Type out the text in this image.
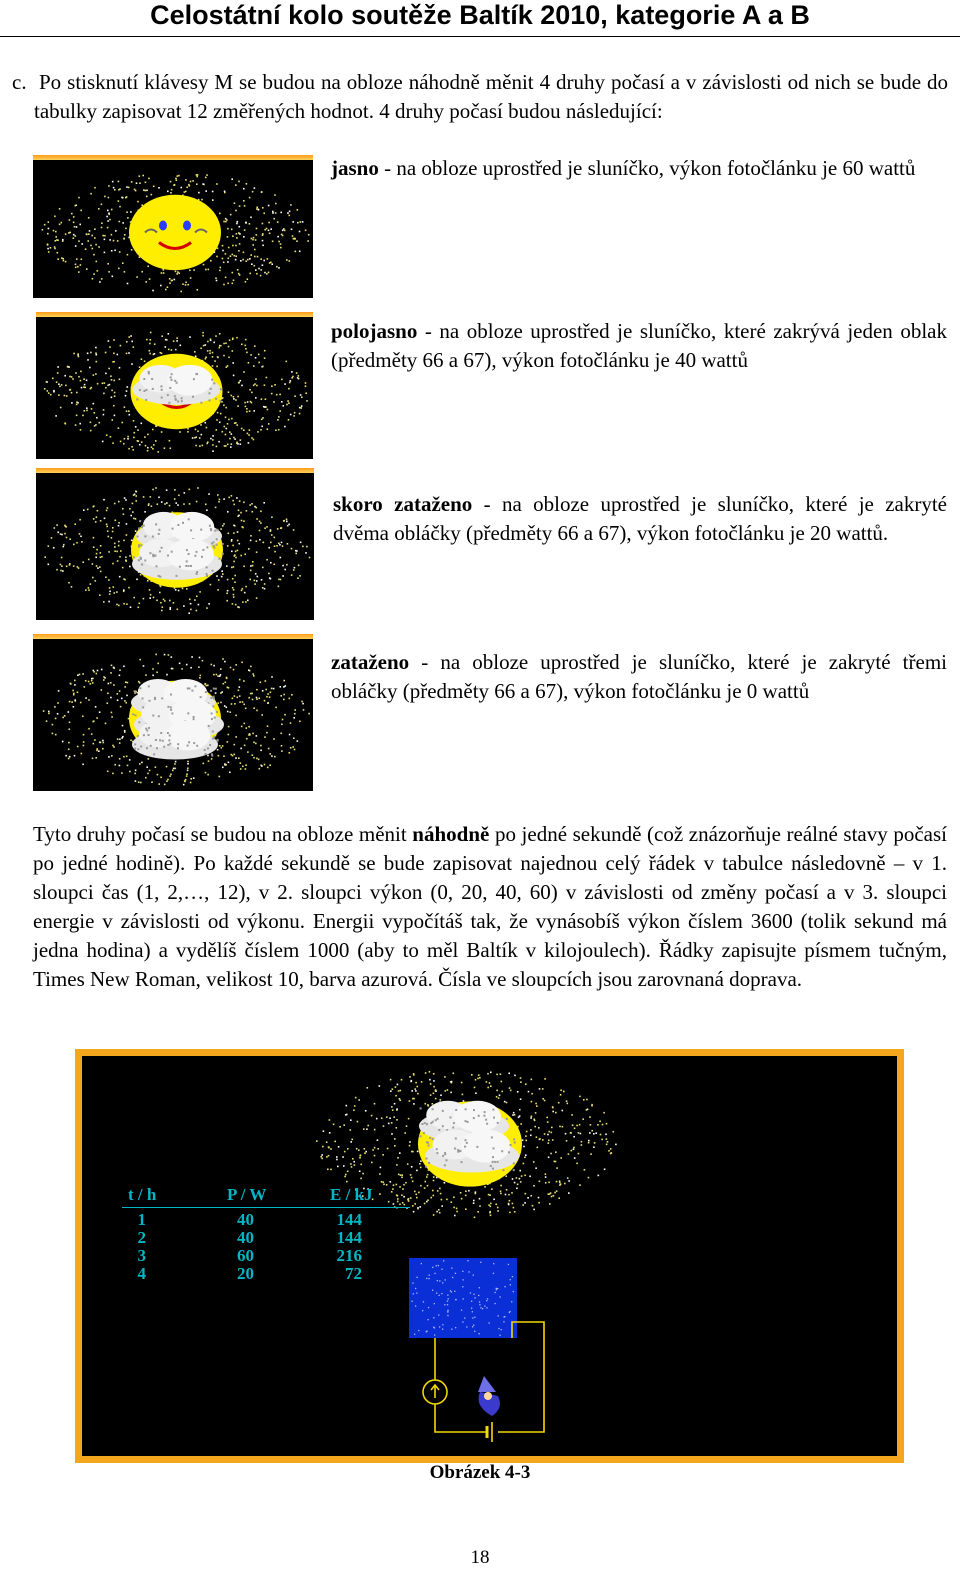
Celostátní kolo soutěže Baltík 2010, kategorie A a B
c. Po stisknutí klávesy M se budou na obloze náhodně měnit 4 druhy počasí a v závislosti od nich se bude do tabulky zapisovat 12 změřených hodnot. 4 druhy počasí budou následující:
jasno - na obloze uprostřed je sluníčko, výkon fotočlánku je 60 wattů
polojasno - na obloze uprostřed je sluníčko, které zakrývá jeden oblak (předměty 66 a 67), výkon fotočlánku je 40 wattů
skoro zataženo - na obloze uprostřed je sluníčko, které je zakryté dvěma obláčky (předměty 66 a 67), výkon fotočlánku je 20 wattů.
zataženo - na obloze uprostřed je sluníčko, které je zakryté třemi obláčky (předměty 66 a 67), výkon fotočlánku je 0 wattů
Tyto druhy počasí se budou na obloze měnit náhodně po jedné sekundě (což znázorňuje reálné stavy počasí po jedné hodině). Po každé sekundě se bude zapisovat najednou celý řádek v tabulce následovně – v 1. sloupci čas (1, 2,…, 12), v 2. sloupci výkon (0, 20, 40, 60) v závislosti od změny počasí a v 3. sloupci energie v závislosti od výkonu. Energii vypočítáš tak, že vynásobíš výkon číslem 3600 (tolik sekund má jedna hodina) a vydělíš číslem 1000 (aby to měl Baltík v kilojoulech). Řádky zapisujte písmem tučným, Times New Roman, velikost 10, barva azurová. Čísla ve sloupcích jsou zarovnaná doprava.
t / h	P / W	E / kJ
1	40	144
2	40	144
3	60	216
4	20	72
Obrázek 4-3
18
